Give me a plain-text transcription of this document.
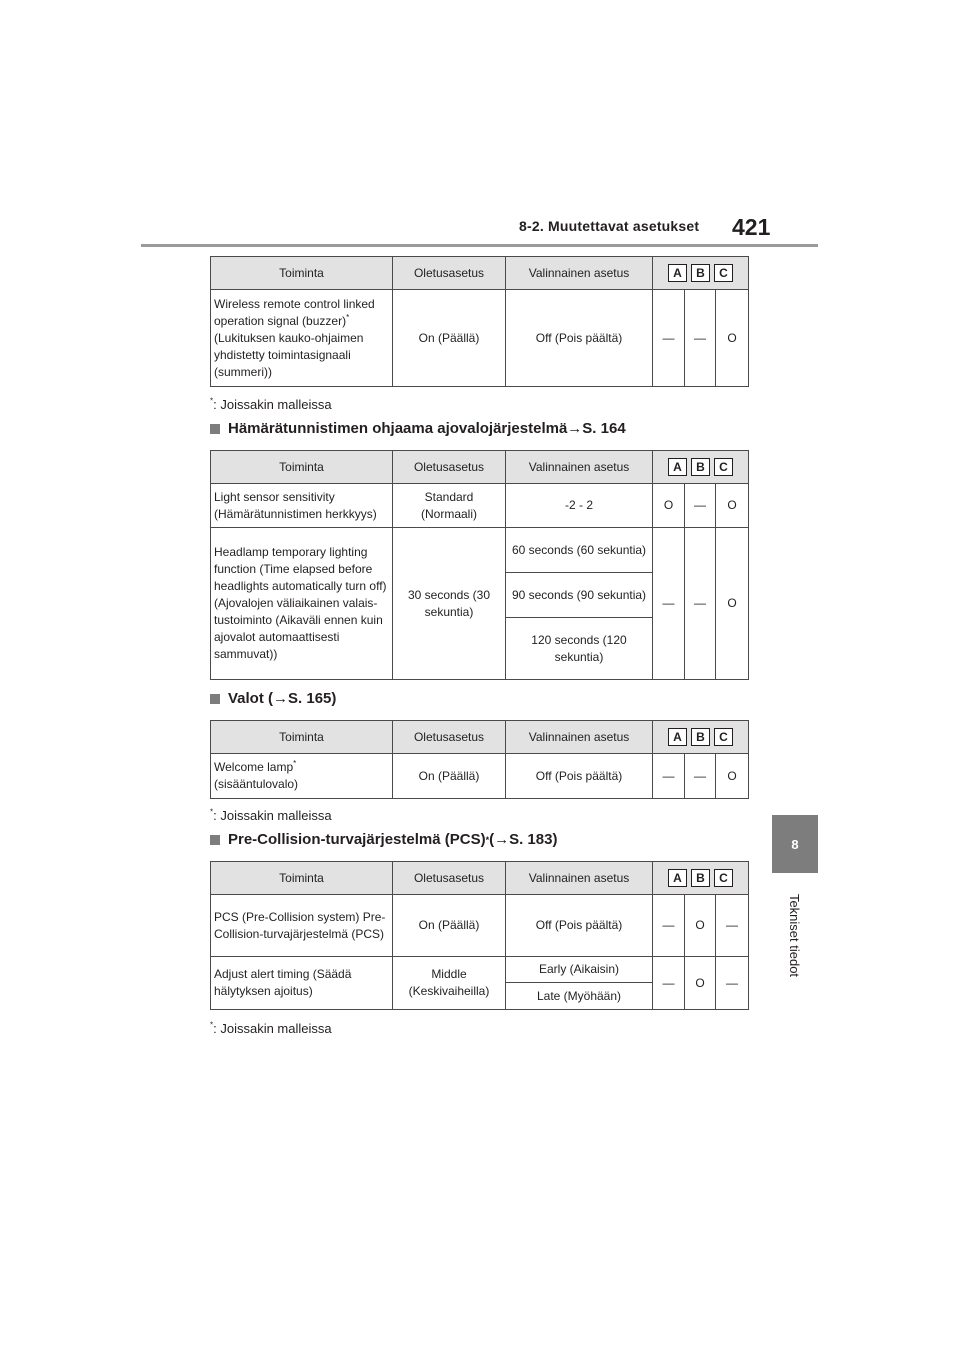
8-2. Muutettavat asetukset 421
8
Tekniset tiedot
Toiminta	Oletusasetus	Valinnainen asetus	A B C		

Wireless remote control linked operation signal (buzzer)*
(Lukituksen kauko-ohjaimen yhdistetty toimintasignaali (summeri))	On (Päällä)	Off (Pois päältä)	—	—	O
*: Joissakin malleissa
Hämärätunnistimen ohjaama ajovalojärjestelmä→S. 164
Toiminta	Oletusasetus	Valinnainen asetus	A B C		

Light sensor sensitivity (Hämärätunnistimen herkkyys)	Standard (Normaali)	-2 - 2	O	—	O
Headlamp temporary lighting function (Time elapsed before headlights automatically turn off) (Ajovalojen väliaikainen valais-tustoiminto (Aikaväli ennen kuin ajovalot automaattisesti sammuvat))	30 seconds (30 sekuntia)	60 seconds (60 sekuntia)	—	—	O
		90 seconds (90 sekuntia)			
		120 seconds (120 sekuntia)			
Valot (→S. 165)
Toiminta	Oletusasetus	Valinnainen asetus	A B C		

Welcome lamp*
(sisääntulovalo)	On (Päällä)	Off (Pois päältä)	—	—	O
*: Joissakin malleissa
Pre-Collision-turvajärjestelmä (PCS) * (→S. 183)
Toiminta	Oletusasetus	Valinnainen asetus	A B C		

PCS (Pre-Collision system) Pre-Collision-turvajärjestelmä (PCS)	On (Päällä)	Off (Pois päältä)	—	O	—
Adjust alert timing (Säädä hälytyksen ajoitus)	Middle (Keskivaiheilla)	Early (Aikaisin)	—	O	—
		Late (Myöhään)			
*: Joissakin malleissa
